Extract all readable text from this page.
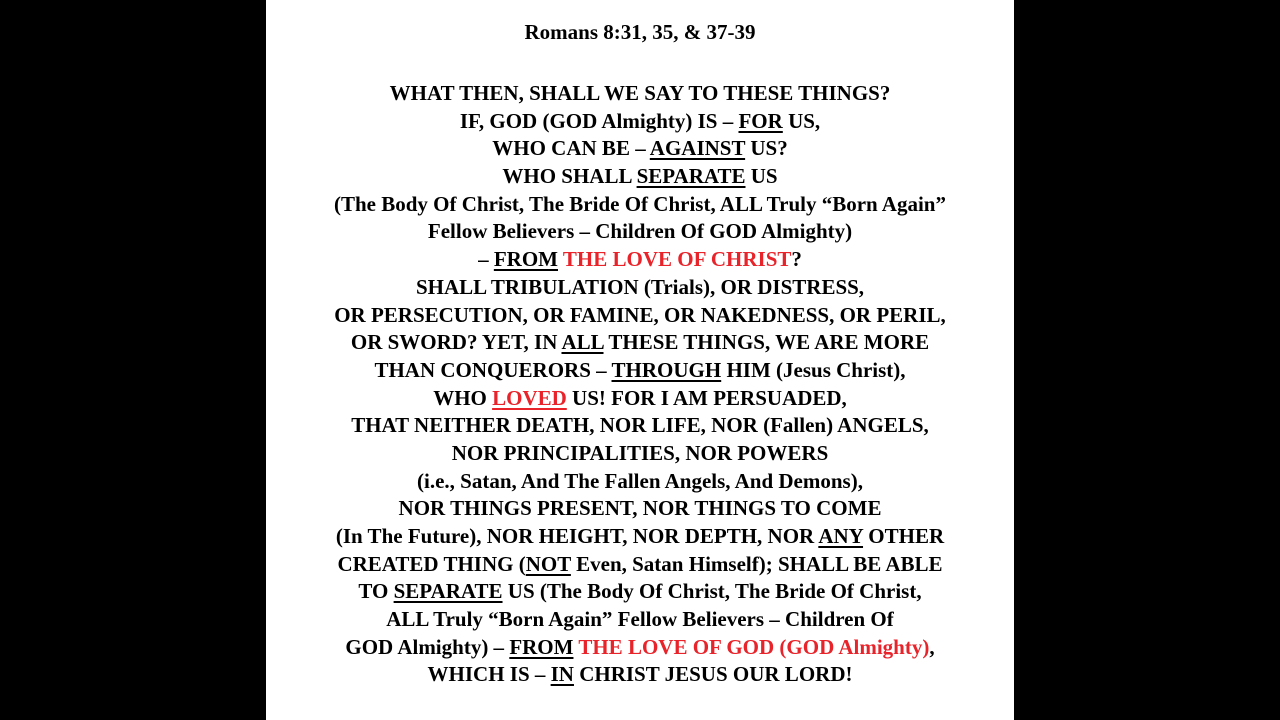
Romans 8:31, 35, & 37-39
WHAT THEN, SHALL WE SAY TO THESE THINGS?
IF, GOD (GOD Almighty) IS – FOR US,
WHO CAN BE – AGAINST US?
WHO SHALL SEPARATE US
(The Body Of Christ, The Bride Of Christ, ALL Truly “Born Again”
Fellow Believers – Children Of GOD Almighty)
– FROM THE LOVE OF CHRIST?
SHALL TRIBULATION (Trials), OR DISTRESS,
OR PERSECUTION, OR FAMINE, OR NAKEDNESS, OR PERIL,
OR SWORD? YET, IN ALL THESE THINGS, WE ARE MORE
THAN CONQUERORS – THROUGH HIM (Jesus Christ),
WHO LOVED US! FOR I AM PERSUADED,
THAT NEITHER DEATH, NOR LIFE, NOR (Fallen) ANGELS,
NOR PRINCIPALITIES, NOR POWERS
(i.e., Satan, And The Fallen Angels, And Demons),
NOR THINGS PRESENT, NOR THINGS TO COME
(In The Future), NOR HEIGHT, NOR DEPTH, NOR ANY OTHER
CREATED THING (NOT Even, Satan Himself); SHALL BE ABLE
TO SEPARATE US (The Body Of Christ, The Bride Of Christ,
ALL Truly “Born Again” Fellow Believers – Children Of
GOD Almighty) – FROM THE LOVE OF GOD (GOD Almighty),
WHICH IS – IN CHRIST JESUS OUR LORD!
